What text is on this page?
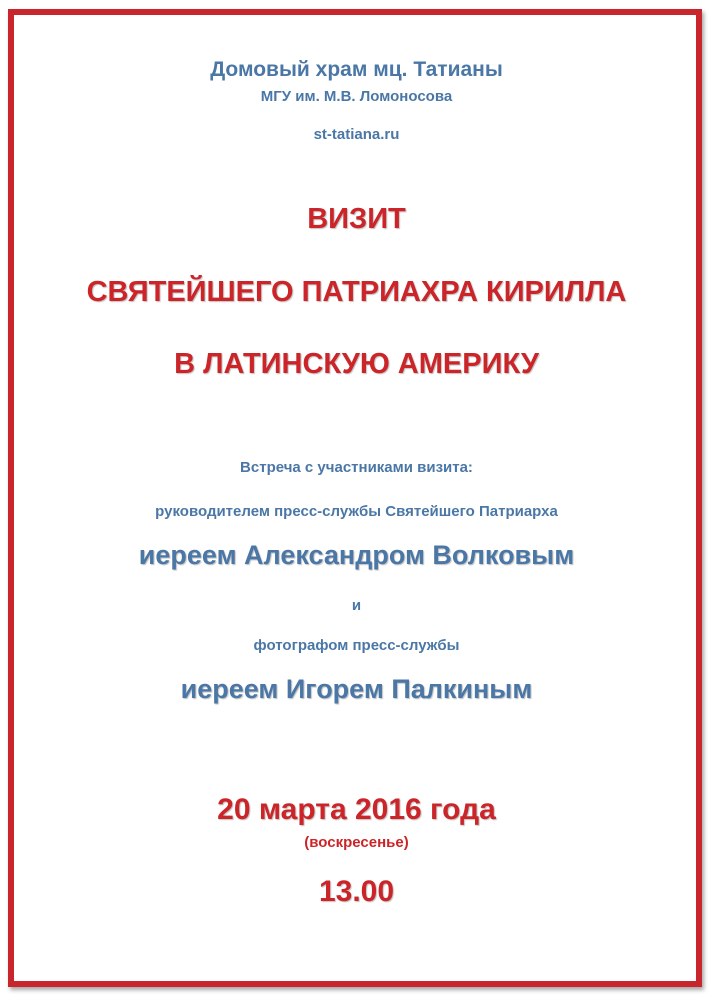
Домовый храм мц. Татианы
МГУ им. М.В. Ломоносова
st-tatiana.ru
ВИЗИТ
СВЯТЕЙШЕГО ПАТРИАХРА КИРИЛЛА
В ЛАТИНСКУЮ АМЕРИКУ
Встреча с участниками визита:
руководителем пресс-службы Святейшего Патриарха
иереем Александром Волковым
и
фотографом пресс-службы
иереем Игорем Палкиным
20 марта 2016 года
(воскресенье)
13.00
